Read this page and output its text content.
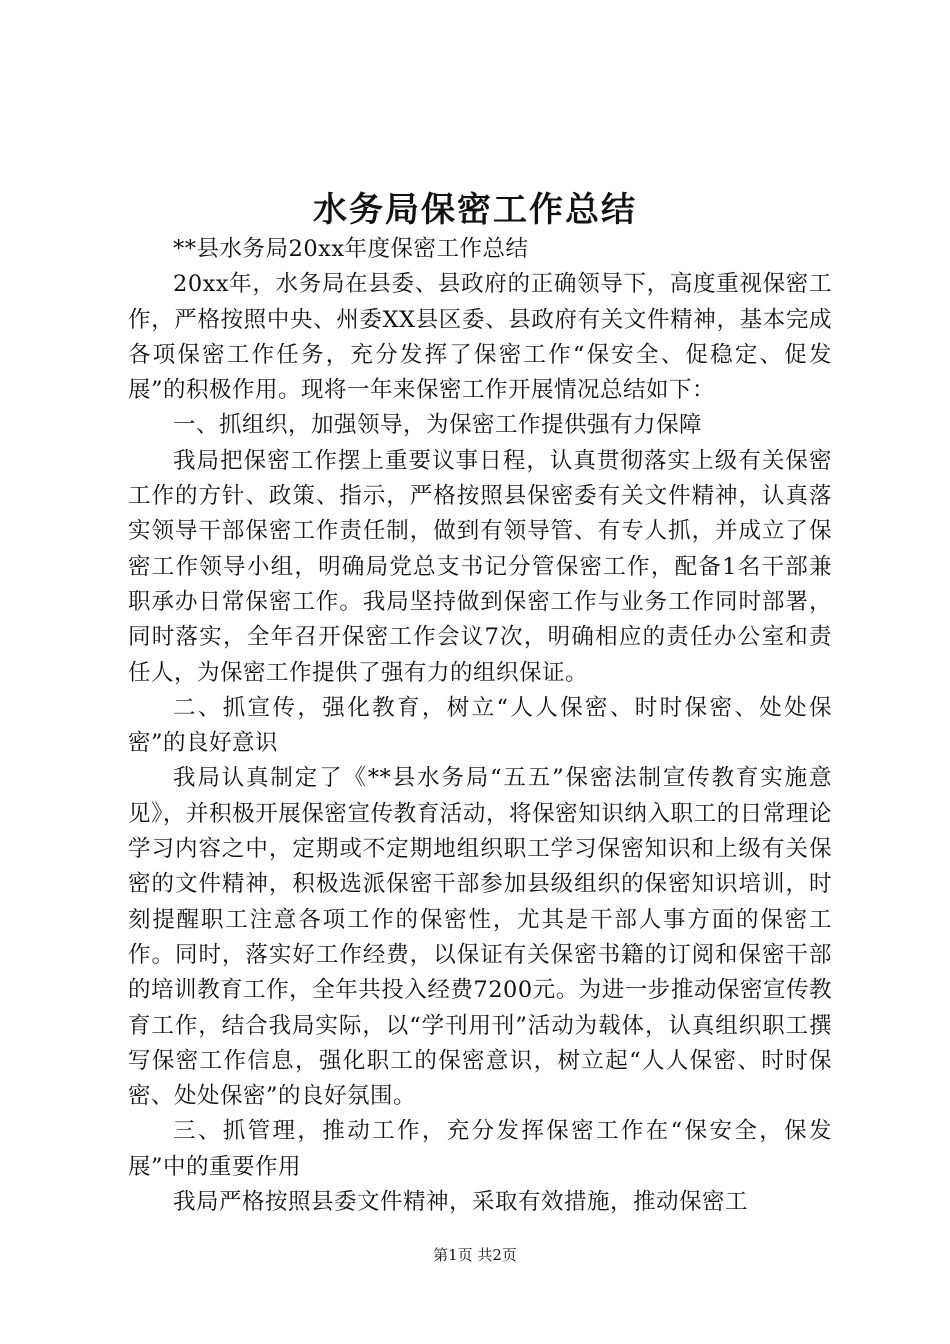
水务局保密工作总结

**县水务局20xx年度保密工作总结

20xx年，水务局在县委、县政府的正确领导下，高度重视保密工作，严格按照中央、州委XX县区委、县政府有关文件精神，基本完成各项保密工作任务，充分发挥了保密工作“保安全、促稳定、促发展”的积极作用。现将一年来保密工作开展情况总结如下：

一、抓组织，加强领导，为保密工作提供强有力保障

我局把保密工作摆上重要议事日程，认真贯彻落实上级有关保密工作的方针、政策、指示，严格按照县保密委有关文件精神，认真落实领导干部保密工作责任制，做到有领导管、有专人抓，并成立了保密工作领导小组，明确局党总支书记分管保密工作，配备1名干部兼职承办日常保密工作。我局坚持做到保密工作与业务工作同时部署，同时落实，全年召开保密工作会议7次，明确相应的责任办公室和责任人，为保密工作提供了强有力的组织保证。

二、抓宣传，强化教育，树立“人人保密、时时保密、处处保密”的良好意识

我局认真制定了《**县水务局“五五”保密法制宣传教育实施意见》，并积极开展保密宣传教育活动，将保密知识纳入职工的日常理论学习内容之中，定期或不定期地组织职工学习保密知识和上级有关保密的文件精神，积极选派保密干部参加县级组织的保密知识培训，时刻提醒职工注意各项工作的保密性，尤其是干部人事方面的保密工作。同时，落实好工作经费，以保证有关保密书籍的订阅和保密干部的培训教育工作，全年共投入经费7200元。为进一步推动保密宣传教育工作，结合我局实际，以“学刊用刊”活动为载体，认真组织职工撰写保密工作信息，强化职工的保密意识，树立起“人人保密、时时保密、处处保密”的良好氛围。

三、抓管理，推动工作，充分发挥保密工作在“保安全，保发展”中的重要作用

我局严格按照县委文件精神，采取有效措施，推动保密工

第1页 共2页
